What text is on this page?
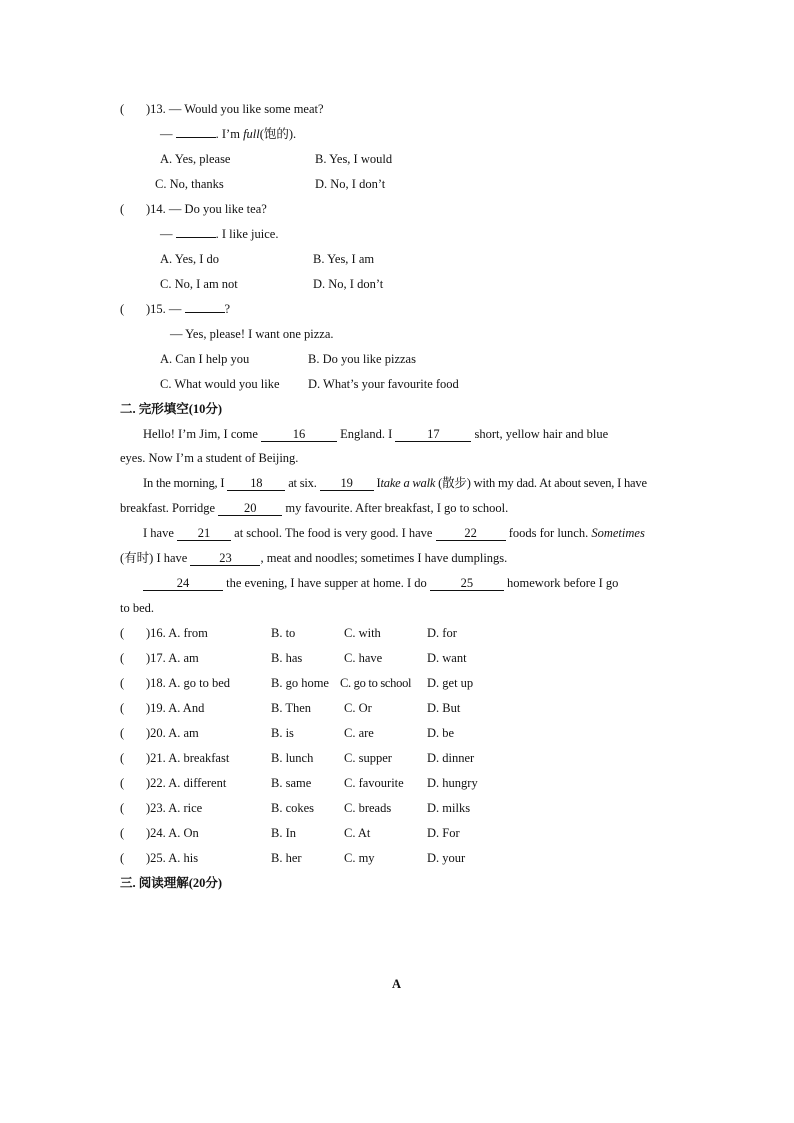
( )13. — Would you like some meat?
—	. I’m full(饱的).
A. Yes, please	B. Yes, I would
C. No, thanks	D. No, I don’t
( )14. — Do you like tea?
—	. I like juice.
A. Yes, I do	B. Yes, I am
C. No, I am not	D. No, I don’t
( )15. —	?
— Yes, please! I want one pizza.
A. Can I help you	B. Do you like pizzas
C. What would you like D. What’s your favourite food
二. 完形填空(10分)
Hello! I’m Jim, I come	16	England. I	17	short, yellow hair and blue
eyes. Now I’m a student of Beijing.
In the morning, I 18 at six. 19 Itake a walk (散步) with my dad. At about seven, I have
breakfast. Porridge 20 my favourite. After breakfast, I go to school.
I have 21 at school. The food is very good. I have	22	foods for lunch. Sometimes
(有时) I have	23 , meat and noodles; sometimes I have dumplings.
24	the evening, I have supper at home. I do	25	homework before I go
to bed.
( )16. A. from	B. to	C. with	D. for
( )17. A. am	B. has	C. have	D. want
( )18. A. go to bed	B. go home C. go to school D. get up
( )19. A. And	B. Then	C. Or	D. But
( )20. A. am	B. is	C. are	D. be
( )21. A. breakfast	B. lunch C. supper	D. dinner
( )22. A. different	B. same	C. favourite D. hungry
( )23. A. rice	B. cokes C. breads	D. milks
( )24. A. On	B. In	C. At	D. For
( )25. A. his	B. her	C. my	D. your
三. 阅读理解(20分)
A
